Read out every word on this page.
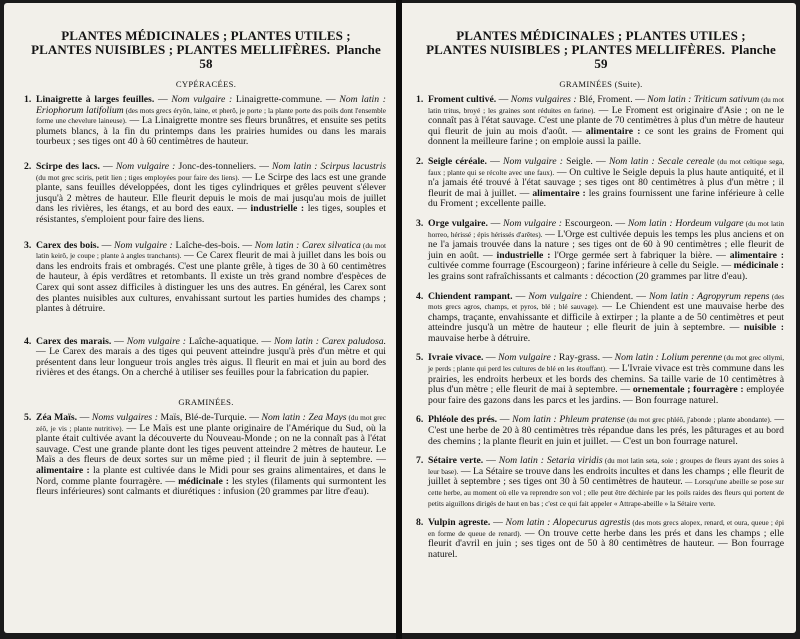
PLANTES MÉDICINALES ; PLANTES UTILES ;
PLANTES NUISIBLES ; PLANTES MELLIFÈRES. Planche 58

CYPÉRACÉES.
1. Linaigrette à larges feuilles. — Nom vulgaire : Linaigrette-commune. — Nom latin : Eriophorum latifolium (des mots grecs éryôn, laine, et pherô, je porte ; la plante porte des poils dont l'ensemble forme une chevelure laineuse). — La Linaigrette montre ses fleurs brunâtres, et ensuite ses petits plumets blancs, à la fin du printemps dans les prairies humides ou dans les marais tourbeux ; ses tiges ont 40 à 60 centimètres de hauteur.
2. Scirpe des lacs. — Nom vulgaire : Jonc-des-tonneliers. — Nom latin : Scirpus lacustris (du mot grec sciris, petit lien ; tiges employées pour faire des liens). — Le Scirpe des lacs est une grande plante, sans feuilles développées, dont les tiges cylindriques et grêles peuvent s'élever jusqu'à 2 mètres de hauteur. Elle fleurit depuis le mois de mai jusqu'au mois de juillet dans les rivières, les étangs, et au bord des eaux. — industrielle : les tiges, souples et résistantes, s'emploient pour faire des liens.
3. Carex des bois. — Nom vulgaire : Laîche-des-bois. — Nom latin : Carex silvatica (du mot latin keirô, je coupe ; plante à angles tranchants). — Ce Carex fleurit de mai à juillet dans les bois ou dans les endroits frais et ombragés. C'est une plante grêle, à tiges de 30 à 60 centimètres de hauteur, à épis verdâtres et retombants. Il existe un très grand nombre d'espèces de Carex qui sont assez difficiles à distinguer les uns des autres. En général, les Carex sont des plantes nuisibles aux cultures, envahissant surtout les parties humides des champs ; plantes à détruire.
4. Carex des marais. — Nom vulgaire : Laîche-aquatique. — Nom latin : Carex paludosa. — Le Carex des marais a des tiges qui peuvent atteindre jusqu'à près d'un mètre et qui présentent dans leur longueur trois angles très aigus. Il fleurit en mai et juin au bord des rivières et des étangs. On a cherché à utiliser ses feuilles pour la fabrication du papier.
GRAMINÉES.
5. Zéa Maïs. — Noms vulgaires : Maïs, Blé-de-Turquie. — Nom latin : Zea Mays (du mot grec zéô, je vis ; plante nutritive). — Le Maïs est une plante originaire de l'Amérique du Sud, où la plante était cultivée avant la découverte du Nouveau-Monde ; on ne la connaît pas à l'état sauvage. C'est une grande plante dont les tiges peuvent atteindre 2 mètres de hauteur. Le Maïs a des fleurs de deux sortes sur un même pied ; il fleurit de juin à septembre. — alimentaire : la plante est cultivée dans le Midi pour ses grains alimentaires, et dans le Nord, comme plante fourragère. — médicinale : les styles (filaments qui surmontent les fleurs inférieures) sont calmants et diurétiques : infusion (20 grammes par litre d'eau).

PLANTES MÉDICINALES ; PLANTES UTILES ;
PLANTES NUISIBLES ; PLANTES MELLIFÈRES. Planche 59

GRAMINÉES (Suite).
1. Froment cultivé. — Noms vulgaires : Blé, Froment. — Nom latin : Triticum sativum (du mot latin tritus, broyé ; les graines sont réduites en farine). — Le Froment est originaire d'Asie ; on ne le connaît pas à l'état sauvage. C'est une plante de 70 centimètres à plus d'un mètre de hauteur qui fleurit de juin au mois d'août. — alimentaire : ce sont les grains de Froment qui donnent la meilleure farine ; on emploie aussi la paille.
2. Seigle céréale. — Nom vulgaire : Seigle. — Nom latin : Secale cereale (du mot celtique sega, faux ; plante qui se récolte avec une faux). — On cultive le Seigle depuis la plus haute antiquité, et il n'a jamais été trouvé à l'état sauvage ; ses tiges ont 80 centimètres à plus d'un mètre ; il fleurit de mai à juillet. — alimentaire : les grains fournissent une farine inférieure à celle du Froment ; excellente paille.
3. Orge vulgaire. — Nom vulgaire : Escourgeon. — Nom latin : Hordeum vulgare (du mot latin horreo, hérissé ; épis hérissés d'arêtes). — L'Orge est cultivée depuis les temps les plus anciens et on ne l'a jamais trouvée dans la nature ; ses tiges ont de 60 à 90 centimètres ; elle fleurit de juin en août. — industrielle : l'Orge germée sert à fabriquer la bière. — alimentaire : cultivée comme fourrage (Escourgeon) ; farine inférieure à celle du Seigle. — médicinale : les grains sont rafraîchissants et calmants : décoction (20 grammes par litre d'eau).
4. Chiendent rampant. — Nom vulgaire : Chiendent. — Nom latin : Agropyrum repens (des mots grecs agros, champs, et pyros, blé ; blé sauvage). — Le Chiendent est une mauvaise herbe des champs, traçante, envahissante et difficile à extirper ; la plante a de 50 centimètres et peut atteindre jusqu'à un mètre de hauteur ; elle fleurit de juin à septembre. — nuisible : mauvaise herbe à détruire.
5. Ivraie vivace. — Nom vulgaire : Ray-grass. — Nom latin : Lolium perenne (du mot grec ollymi, je perds ; plante qui perd les cultures de blé en les étouffant). — L'Ivraie vivace est très commune dans les prairies, les endroits herbeux et les bords des chemins. Sa taille varie de 10 centimètres à plus d'un mètre ; elle fleurit de mai à septembre. — ornementale ; fourragère : employée pour faire des gazons dans les parcs et les jardins. — Bon fourrage naturel.
6. Phléole des prés. — Nom latin : Phleum pratense (du mot grec phléô, j'abonde ; plante abondante). — C'est une herbe de 20 à 80 centimètres très répandue dans les prés, les pâturages et au bord des chemins ; la plante fleurit en juin et juillet. — C'est un bon fourrage naturel.
7. Sétaire verte. — Nom latin : Setaria viridis (du mot latin seta, soie ; groupes de fleurs ayant des soies à leur base). — La Sétaire se trouve dans les endroits incultes et dans les champs ; elle fleurit de juillet à septembre ; ses tiges ont 30 à 50 centimètres de hauteur. — Lorsqu'une abeille se pose sur cette herbe, au moment où elle va reprendre son vol ; elle peut être déchirée par les poils raides des fleurs qui portent de petits aiguillons dirigés de haut en bas ; c'est ce qui fait appeler « Attrape-abeille » la Sétaire verte.
8. Vulpin agreste. — Nom latin : Alopecurus agrestis (des mots grecs alopex, renard, et oura, queue ; épi en forme de queue de renard). — On trouve cette herbe dans les prés et dans les champs ; elle fleurit d'avril en juin ; ses tiges ont de 50 à 80 centimètres de hauteur. — Bon fourrage naturel.
